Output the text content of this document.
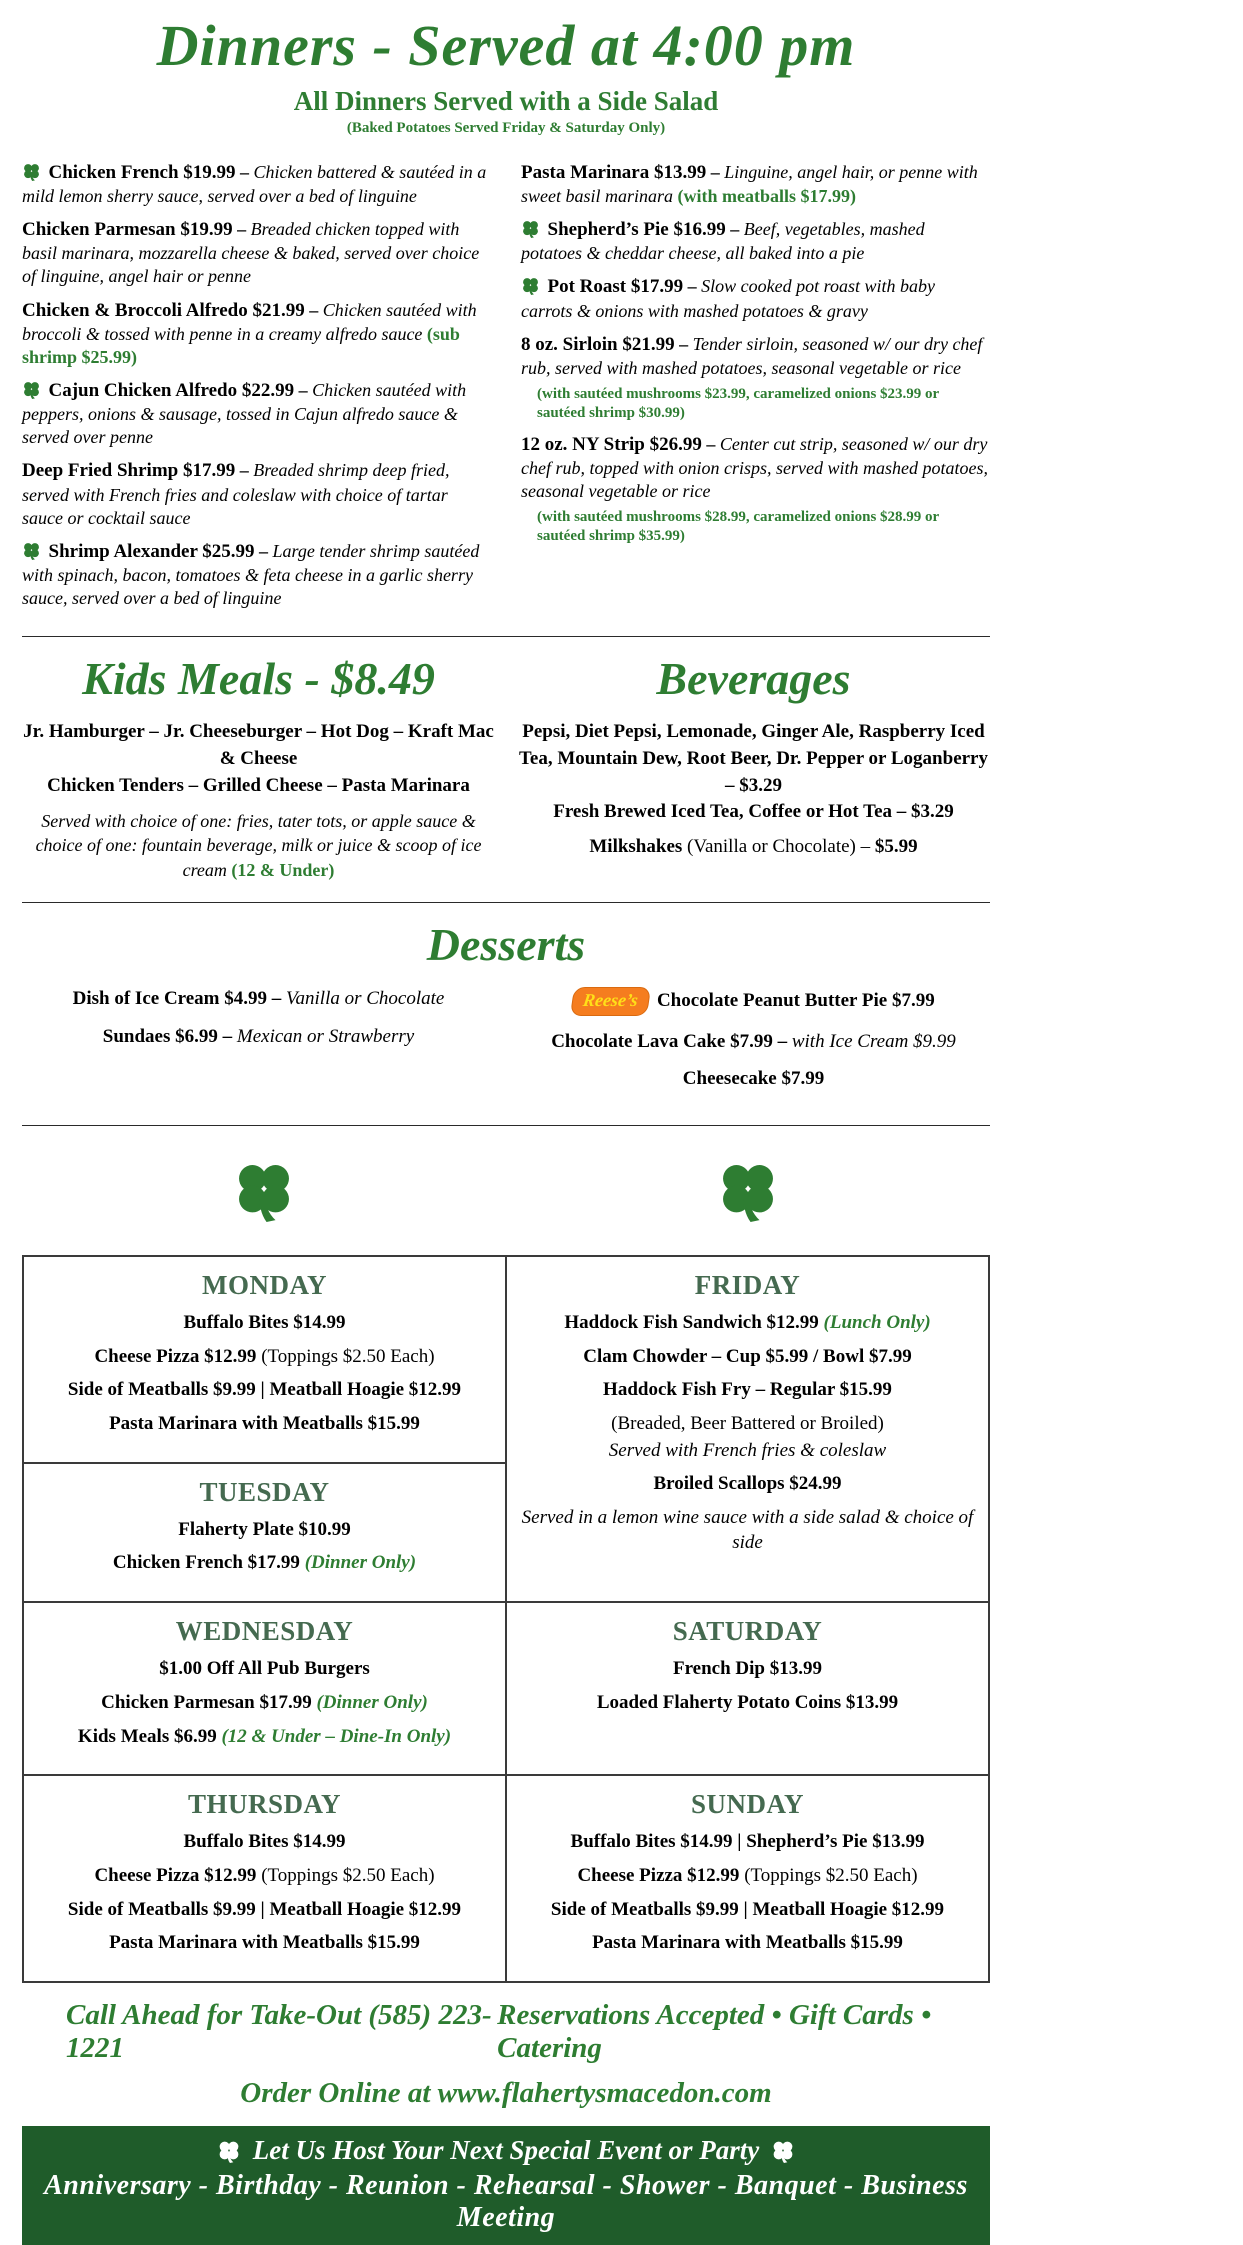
Dinners - Served at 4:00 pm
All Dinners Served with a Side Salad
(Baked Potatoes Served Friday & Saturday Only)

Chicken French $19.99 – Chicken battered & sautéed in a mild lemon sherry sauce, served over a bed of linguine

Chicken Parmesan $19.99 – Breaded chicken topped with basil marinara, mozzarella cheese & baked, served over choice of linguine, angel hair or penne

Chicken & Broccoli Alfredo $21.99 – Chicken sautéed with broccoli & tossed with penne in a creamy alfredo sauce (sub shrimp $25.99)

Cajun Chicken Alfredo $22.99 – Chicken sautéed with peppers, onions & sausage, tossed in Cajun alfredo sauce & served over penne

Deep Fried Shrimp $17.99 – Breaded shrimp deep fried, served with French fries and coleslaw with choice of tartar sauce or cocktail sauce

Shrimp Alexander $25.99 – Large tender shrimp sautéed with spinach, bacon, tomatoes & feta cheese in a garlic sherry sauce, served over a bed of linguine

Pasta Marinara $13.99 – Linguine, angel hair, or penne with sweet basil marinara (with meatballs $17.99)

Shepherd’s Pie $16.99 – Beef, vegetables, mashed potatoes & cheddar cheese, all baked into a pie

Pot Roast $17.99 – Slow cooked pot roast with baby carrots & onions with mashed potatoes & gravy

8 oz. Sirloin $21.99 – Tender sirloin, seasoned w/ our dry chef rub, served with mashed potatoes, seasonal vegetable or rice

(with sautéed mushrooms $23.99, caramelized onions $23.99 or sautéed shrimp $30.99)

12 oz. NY Strip $26.99 – Center cut strip, seasoned w/ our dry chef rub, topped with onion crisps, served with mashed potatoes, seasonal vegetable or rice

(with sautéed mushrooms $28.99, caramelized onions $28.99 or sautéed shrimp $35.99)
Kids Meals - $8.49
Jr. Hamburger – Jr. Cheeseburger – Hot Dog – Kraft Mac & Cheese
Chicken Tenders – Grilled Cheese – Pasta Marinara
Served with choice of one: fries, tater tots, or apple sauce & choice of one: fountain beverage, milk or juice & scoop of ice cream (12 & Under)
Beverages
Pepsi, Diet Pepsi, Lemonade, Ginger Ale, Raspberry Iced Tea, Mountain Dew, Root Beer, Dr. Pepper or Loganberry – $3.29
Fresh Brewed Iced Tea, Coffee or Hot Tea – $3.29
Milkshakes (Vanilla or Chocolate) – $5.99
Desserts
Dish of Ice Cream $4.99 – Vanilla or Chocolate
Sundaes $6.99 – Mexican or Strawberry
Reese’s Chocolate Peanut Butter Pie $7.99
Chocolate Lava Cake $7.99 – with Ice Cream $9.99
Cheesecake $7.99
MONDAY
Buffalo Bites $14.99
Cheese Pizza $12.99 (Toppings $2.50 Each)
Side of Meatballs $9.99 | Meatball Hoagie $12.99
Pasta Marinara with Meatballs $15.99

FRIDAY
Haddock Fish Sandwich $12.99 (Lunch Only)
Clam Chowder – Cup $5.99 / Bowl $7.99
Haddock Fish Fry – Regular $15.99
(Breaded, Beer Battered or Broiled)
Served with French fries & coleslaw
Broiled Scallops $24.99
Served in a lemon wine sauce with a side salad & choice of side

TUESDAY
Flaherty Plate $10.99
Chicken French $17.99 (Dinner Only)	

WEDNESDAY
$1.00 Off All Pub Burgers
Chicken Parmesan $17.99 (Dinner Only)
Kids Meals $6.99 (12 & Under – Dine-In Only)

SATURDAY
French Dip $13.99
Loaded Flaherty Potato Coins $13.99

THURSDAY
Buffalo Bites $14.99
Cheese Pizza $12.99 (Toppings $2.50 Each)
Side of Meatballs $9.99 | Meatball Hoagie $12.99
Pasta Marinara with Meatballs $15.99

SUNDAY
Buffalo Bites $14.99 | Shepherd’s Pie $13.99
Cheese Pizza $12.99 (Toppings $2.50 Each)
Side of Meatballs $9.99 | Meatball Hoagie $12.99
Pasta Marinara with Meatballs $15.99
Call Ahead for Take-Out (585) 223-1221
Reservations Accepted • Gift Cards • Catering
Order Online at www.flahertysmacedon.com
Let Us Host Your Next Special Event or Party
Anniversary - Birthday - Reunion - Rehearsal - Shower - Banquet - Business Meeting
